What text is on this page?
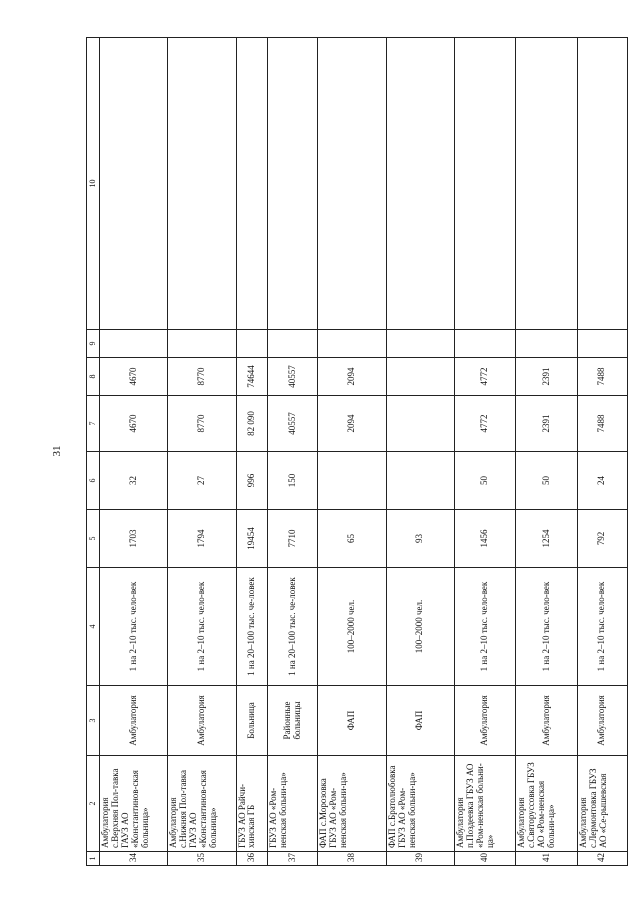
31
1	2	3	4	5	6	7	8	9	10
34	Амбулатория с.Верхняя Пол-тавка ГАУЗ АО «Константинов-ская больница»	Амбулатория	1 на 2–10 тыс. чело-век	1703	32	4670	4670		
35	Амбулатория с.Нижняя Пол-тавка ГАУЗ АО «Константинов-ская больница»	Амбулатория	1 на 2–10 тыс. чело-век	1794	27	8770	8770		
36	ГБУЗ АО Райчи-хинская ГБ	Больница	1 на 20–100 тыс. че-ловек	19454	996	82 090	74644		
37	ГБУЗ АО «Ром-ненская больни-ца»	Районные больницы	1 на 20–100 тыс. че-ловек	7710	150	40557	40557		
38	ФАП с.Морозовка ГБУЗ АО «Ром-ненская больни-ца»	ФАП	100–2000 чел.	65		2094	2094		
39	ФАП с.Братолюбовка ГБУЗ АО «Ром-ненская больни-ца»	ФАП	100–2000 чел.	93					
40	Амбулатория п.Поздеевка ГБУЗ АО «Ром-ненская больни-ца»	Амбулатория	1 на 2–10 тыс. чело-век	1456	50	4772	4772		
41	Амбулатория с.Святоруссовка ГБУЗ АО «Ром-ненская больни-ца»	Амбулатория	1 на 2–10 тыс. чело-век	1254	50	2391	2391		
42	Амбулатория с.Лермонтовка ГБУЗ АО «Се-рышевская	Амбулатория	1 на 2–10 тыс. чело-век	792	24	7488	7488		
